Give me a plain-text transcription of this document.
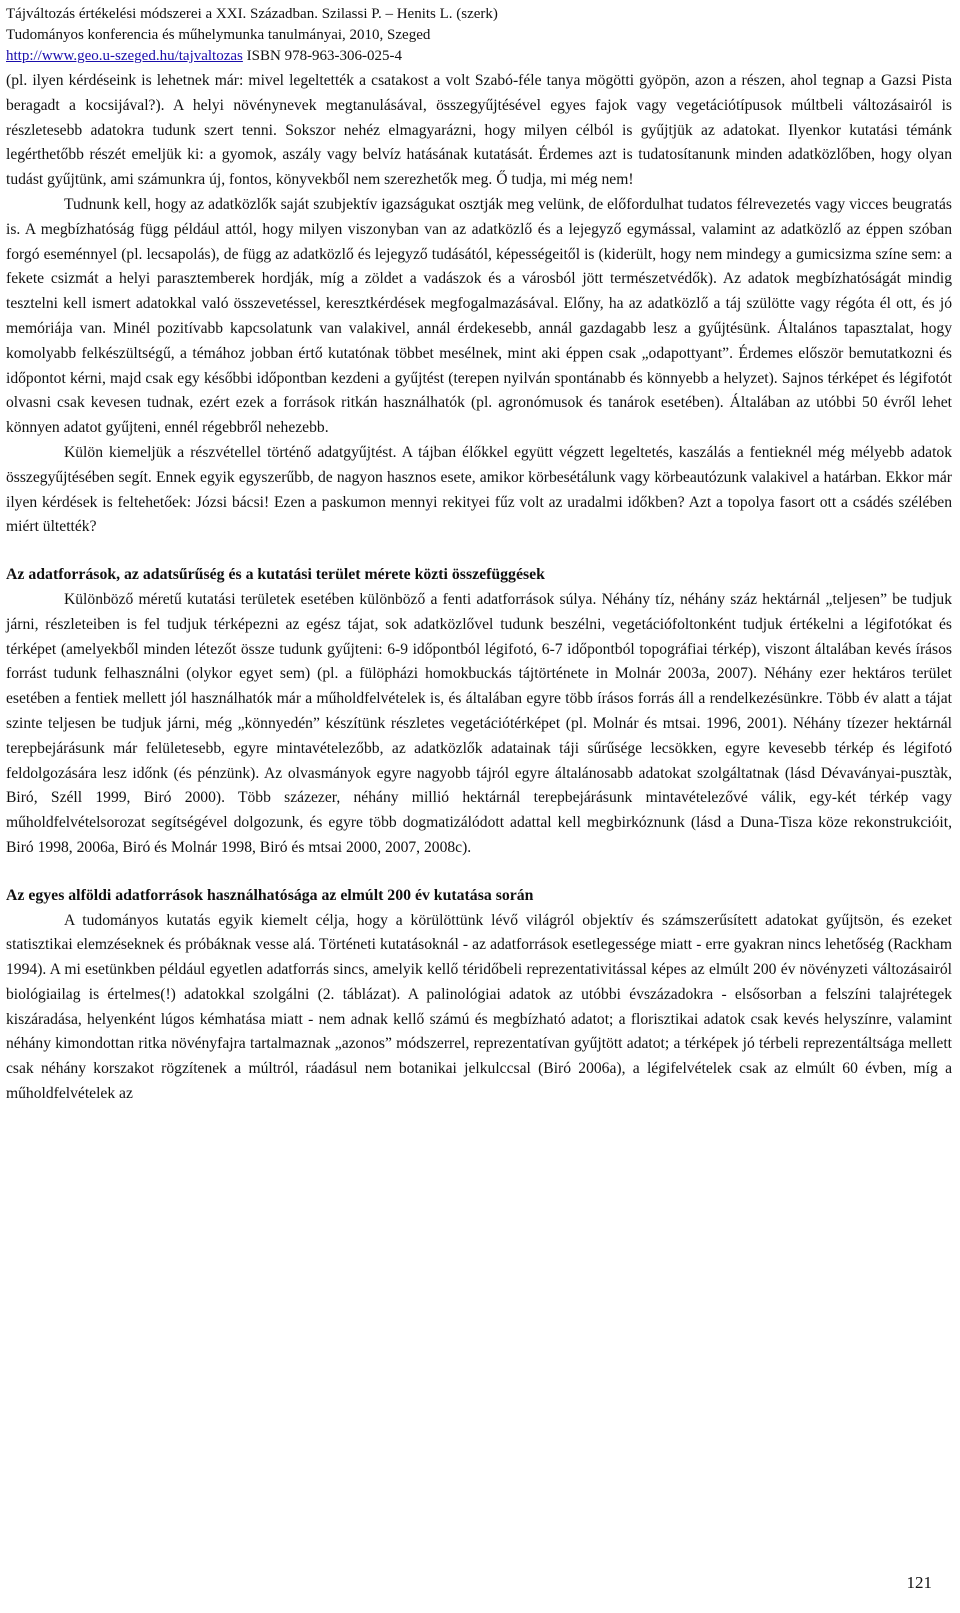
Tájváltozás értékelési módszerei a XXI. Században. Szilassi P. – Henits L. (szerk)
Tudományos konferencia és műhelymunka tanulmányai, 2010, Szeged
http://www.geo.u-szeged.hu/tajvaltozas ISBN 978-963-306-025-4

(pl. ilyen kérdéseink is lehetnek már: mivel legeltették a csatakost a volt Szabó-féle tanya mögötti gyöpön, azon a részen, ahol tegnap a Gazsi Pista beragadt a kocsijával?). A helyi növénynevek megtanulásával, összegyűjtésével egyes fajok vagy vegetációtípusok múltbeli változásairól is részletesebb adatokra tudunk szert tenni. Sokszor nehéz elmagyarázni, hogy milyen célból is gyűjtjük az adatokat. Ilyenkor kutatási témánk legérthetőbb részét emeljük ki: a gyomok, aszály vagy belvíz hatásának kutatását. Érdemes azt is tudatosítanunk minden adatközlőben, hogy olyan tudást gyűjtünk, ami számunkra új, fontos, könyvekből nem szerezhetők meg. Ő tudja, mi még nem!

Tudnunk kell, hogy az adatközlők saját szubjektív igazságukat osztják meg velünk, de előfordulhat tudatos félrevezetés vagy vicces beugratás is. A megbízhatóság függ például attól, hogy milyen viszonyban van az adatközlő és a lejegyző egymással, valamint az adatközlő az éppen szóban forgó eseménnyel (pl. lecsapolás), de függ az adatközlő és lejegyző tudásától, képességeitől is (kiderült, hogy nem mindegy a gumicsizma színe sem: a fekete csizmát a helyi parasztemberek hordják, míg a zöldet a vadászok és a városból jött természetvédők). Az adatok megbízhatóságát mindig tesztelni kell ismert adatokkal való összevetéssel, keresztkérdések megfogalmazásával. Előny, ha az adatközlő a táj szülötte vagy régóta él ott, és jó memóriája van. Minél pozitívabb kapcsolatunk van valakivel, annál érdekesebb, annál gazdagabb lesz a gyűjtésünk. Általános tapasztalat, hogy komolyabb felkészültségű, a témához jobban értő kutatónak többet mesélnek, mint aki éppen csak „odapottyant”. Érdemes először bemutatkozni és időpontot kérni, majd csak egy későbbi időpontban kezdeni a gyűjtést (terepen nyilván spontánabb és könnyebb a helyzet). Sajnos térképet és légifotót olvasni csak kevesen tudnak, ezért ezek a források ritkán használhatók (pl. agronómusok és tanárok esetében). Általában az utóbbi 50 évről lehet könnyen adatot gyűjteni, ennél régebbről nehezebb.

Külön kiemeljük a részvétellel történő adatgyűjtést. A tájban élőkkel együtt végzett legeltetés, kaszálás a fentieknél még mélyebb adatok összegyűjtésében segít. Ennek egyik egyszerűbb, de nagyon hasznos esete, amikor körbesétálunk vagy körbeautózunk valakivel a határban. Ekkor már ilyen kérdések is feltehetőek: Józsi bácsi! Ezen a paskumon mennyi rekityei fűz volt az uradalmi időkben? Azt a topolya fasort ott a csádés szélében miért ültették?

Az adatforrások, az adatsűrűség és a kutatási terület mérete közti összefüggések

Különböző méretű kutatási területek esetében különböző a fenti adatforrások súlya. Néhány tíz, néhány száz hektárnál „teljesen” be tudjuk járni, részleteiben is fel tudjuk térképezni az egész tájat, sok adatközlővel tudunk beszélni, vegetációfoltonként tudjuk értékelni a légifotókat és térképet (amelyekből minden létezőt össze tudunk gyűjteni: 6-9 időpontból légifotó, 6-7 időpontból topográfiai térkép), viszont általában kevés írásos forrást tudunk felhasználni (olykor egyet sem) (pl. a fülöpházi homokbuckás tájtörténete in Molnár 2003a, 2007). Néhány ezer hektáros terület esetében a fentiek mellett jól használhatók már a műholdfelvételek is, és általában egyre több írásos forrás áll a rendelkezésünkre. Több év alatt a tájat szinte teljesen be tudjuk járni, még „könnyedén” készítünk részletes vegetációtérképet (pl. Molnár és mtsai. 1996, 2001). Néhány tízezer hektárnál terepbejárásunk már felületesebb, egyre mintavételezőbb, az adatközlők adatainak táji sűrűsége lecsökken, egyre kevesebb térkép és légifotó feldolgozására lesz időnk (és pénzünk). Az olvasmányok egyre nagyobb tájról egyre általánosabb adatokat szolgáltatnak (lásd Dévaványai-pusztàk, Biró, Széll 1999, Biró 2000). Több százezer, néhány millió hektárnál terepbejárásunk mintavételezővé válik, egy-két térkép vagy műholdfelvételsorozat segítségével dolgozunk, és egyre több dogmatizálódott adattal kell megbirkóznunk (lásd a Duna-Tisza köze rekonstrukcióit, Biró 1998, 2006a, Biró és Molnár 1998, Biró és mtsai 2000, 2007, 2008c).

Az egyes alföldi adatforrások használhatósága az elmúlt 200 év kutatása során

A tudományos kutatás egyik kiemelt célja, hogy a körülöttünk lévő világról objektív és számszerűsített adatokat gyűjtsön, és ezeket statisztikai elemzéseknek és próbáknak vesse alá. Történeti kutatásoknál - az adatforrások esetlegessége miatt - erre gyakran nincs lehetőség (Rackham 1994). A mi esetünkben például egyetlen adatforrás sincs, amelyik kellő téridőbeli reprezentativitással képes az elmúlt 200 év növényzeti változásairól biológiailag is értelmes(!) adatokkal szolgálni (2. táblázat). A palinológiai adatok az utóbbi évszázadokra - elsősorban a felszíni talajrétegek kiszáradása, helyenként lúgos kémhatása miatt - nem adnak kellő számú és megbízható adatot; a florisztikai adatok csak kevés helyszínre, valamint néhány kimondottan ritka növényfajra tartalmaznak „azonos” módszerrel, reprezentatívan gyűjtött adatot; a térképek jó térbeli reprezentáltsága mellett csak néhány korszakot rögzítenek a múltról, ráadásul nem botanikai jelkulccsal (Biró 2006a), a légifelvételek csak az elmúlt 60 évben, míg a műholdfelvételek az

121
